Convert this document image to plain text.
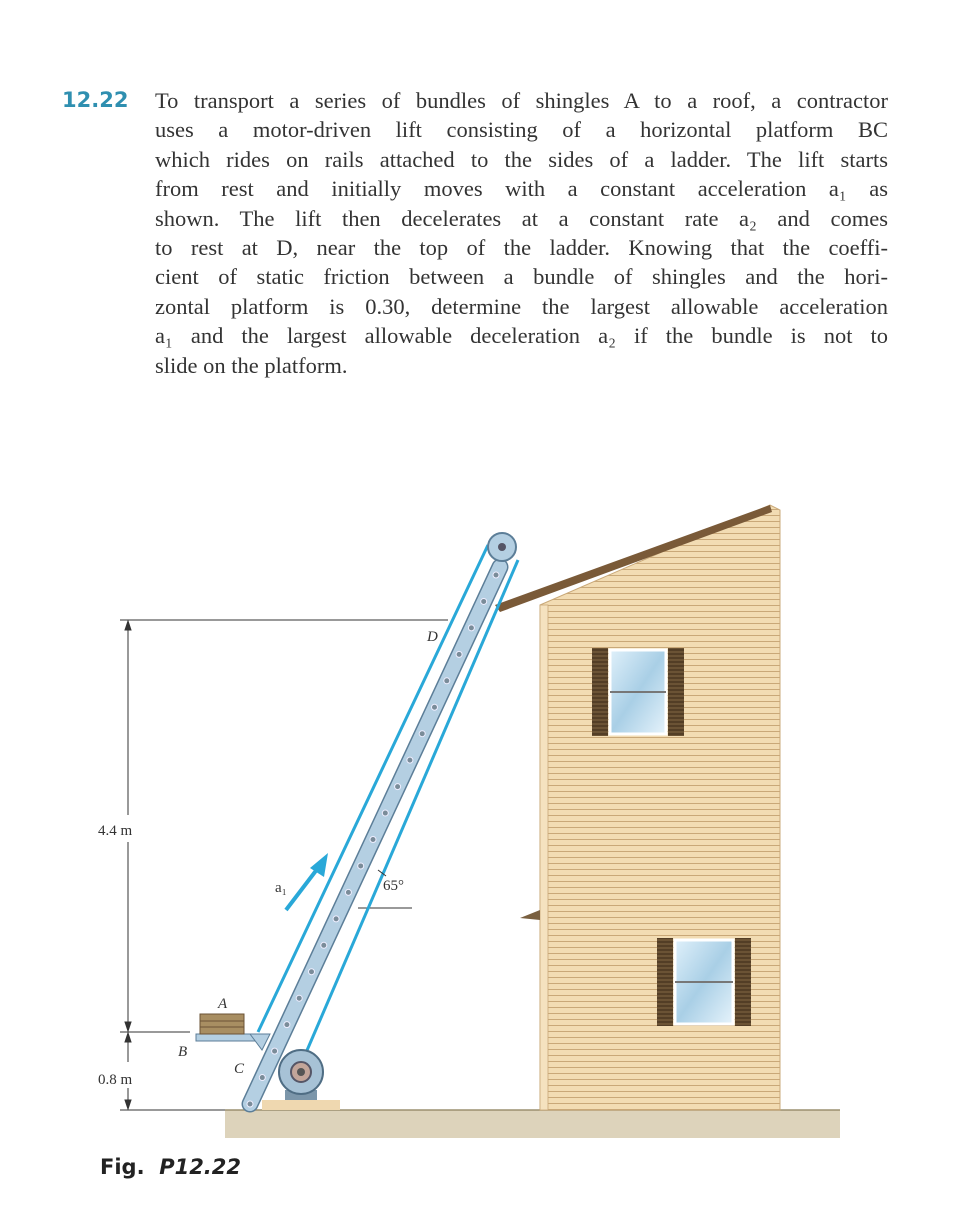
12.22 To transport a series of bundles of shingles A to a roof, a contractor
uses a motor-driven lift consisting of a horizontal platform BC
which rides on rails attached to the sides of a ladder. The lift starts
from rest and initially moves with a constant acceleration a₁ as
shown. The lift then decelerates at a constant rate a₂ and comes
to rest at D, near the top of the ladder. Knowing that the coeffi-
cient of static friction between a bundle of shingles and the hori-
zontal platform is 0.30, determine the largest allowable acceleration
a₁ and the largest allowable deceleration a₂ if the bundle is not to
slide on the platform.
4.4 m
0.8 m
A
B
C
D
a₁	65°
Fig. P12.22
